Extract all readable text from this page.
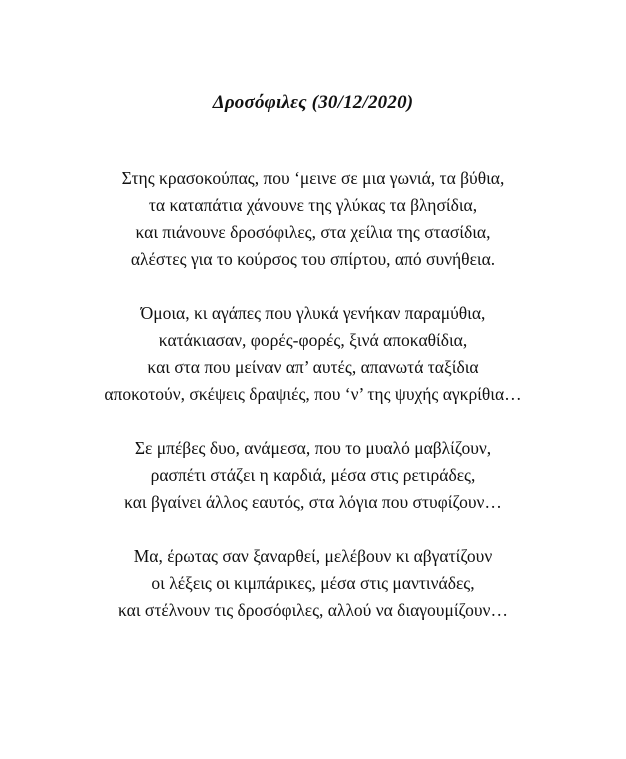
Δροσόφιλες (30/12/2020)
Στης κρασοκούπας, που ‘μεινε σε μια γωνιά, τα βύθια,
τα καταπάτια χάνουνε της γλύκας τα βλησίδια,
και πιάνουνε δροσόφιλες, στα χείλια της στασίδια,
αλέστες για το κούρσος του σπίρτου, από συνήθεια.
Όμοια, κι αγάπες που γλυκά γενήκαν παραμύθια,
κατάκιασαν, φορές-φορές, ξινά αποκαθίδια,
και στα που μείναν απ’ αυτές, απανωτά ταξίδια
αποκοτούν, σκέψεις δραψιές, που ‘ν’ της ψυχής αγκρίθια…
Σε μπέβες δυο, ανάμεσα, που το μυαλό μαβλίζουν,
ρασπέτι στάζει η καρδιά, μέσα στις ρετιράδες,
και βγαίνει άλλος εαυτός, στα λόγια που στυφίζουν…
Μα, έρωτας σαν ξαναρθεί, μελέβουν κι αβγατίζουν
οι λέξεις οι κιμπάρικες, μέσα στις μαντινάδες,
και στέλνουν τις δροσόφιλες, αλλού να διαγουμίζουν…
